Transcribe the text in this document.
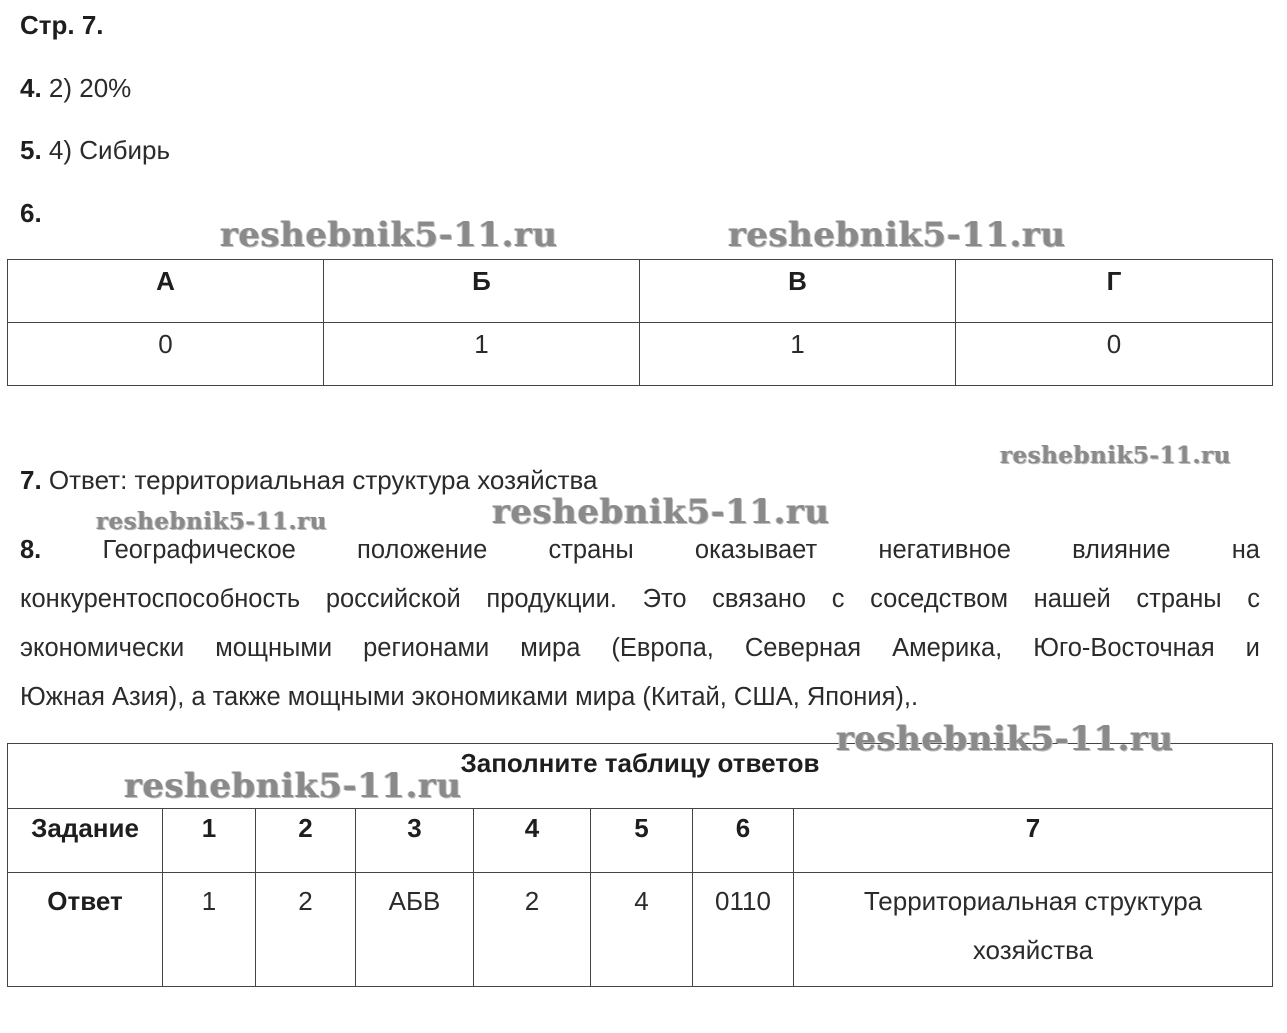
Стр. 7.
4. 2) 20%
5. 4) Сибирь
6.
А	Б	В	Г
0	1	1	0
7. Ответ: территориальная структура хозяйства
8. Географическое положение страны оказывает негативное влияние на
конкурентоспособность российской продукции. Это связано с соседством нашей страны с
экономически мощными регионами мира (Европа, Северная Америка, Юго-Восточная и
Южная Азия), а также мощными экономиками мира (Китай, США, Япония),.
Заполните таблицу ответов							
Задание	1	2	3	4	5	6	7
Ответ	1	2	АБВ	2	4	0110	Территориальная структура
хозяйства
reshebnik5-11.ru	reshebnik5-11.ru
reshebnik5-11.ru
reshebnik5-11.ru	reshebnik5-11.ru
reshebnik5-11.ru
reshebnik5-11.ru
